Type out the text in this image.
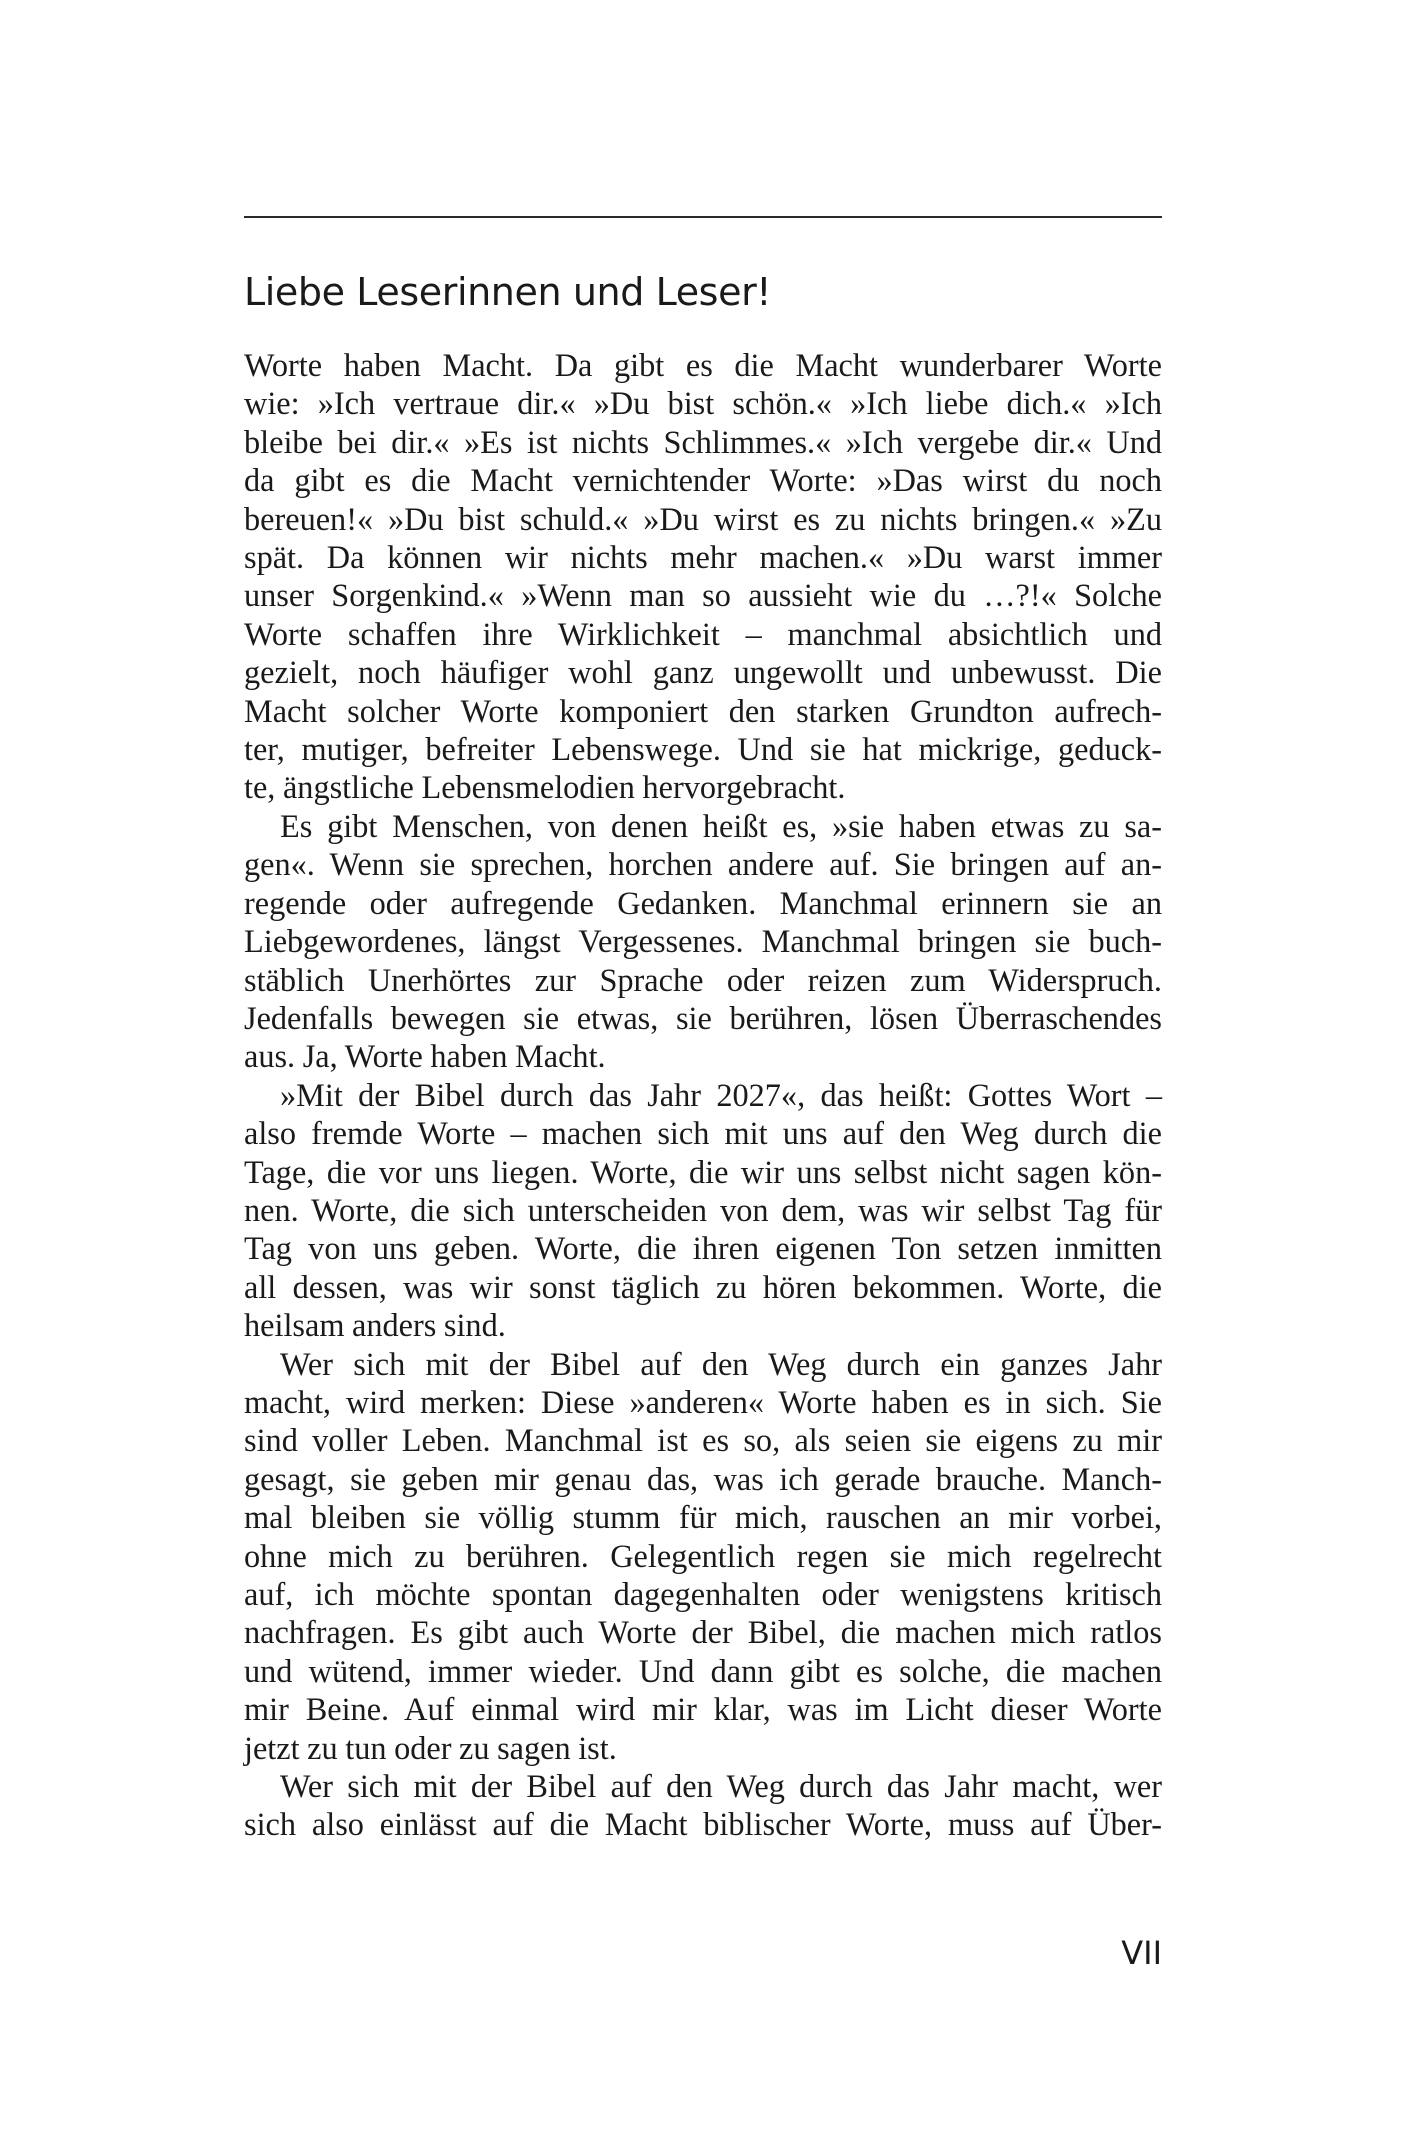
Liebe Leserinnen und Leser!

Worte haben Macht. Da gibt es die Macht wunderbarer Worte
wie: »Ich vertraue dir.« »Du bist schön.« »Ich liebe dich.« »Ich
bleibe bei dir.« »Es ist nichts Schlimmes.« »Ich vergebe dir.« Und
da gibt es die Macht vernichtender Worte: »Das wirst du noch
bereuen!« »Du bist schuld.« »Du wirst es zu nichts bringen.« »Zu
spät. Da können wir nichts mehr machen.« »Du warst immer
unser Sorgenkind.« »Wenn man so aussieht wie du …?!« Solche
Worte schaffen ihre Wirklichkeit – manchmal absichtlich und
gezielt, noch häufiger wohl ganz ungewollt und unbewusst. Die
Macht solcher Worte komponiert den starken Grundton aufrech-
ter, mutiger, befreiter Lebenswege. Und sie hat mickrige, geduck-
te, ängstliche Lebensmelodien hervorgebracht.

Es gibt Menschen, von denen heißt es, »sie haben etwas zu sa-
gen«. Wenn sie sprechen, horchen andere auf. Sie bringen auf an-
regende oder aufregende Gedanken. Manchmal erinnern sie an
Liebgewordenes, längst Vergessenes. Manchmal bringen sie buch-
stäblich Unerhörtes zur Sprache oder reizen zum Widerspruch.
Jedenfalls bewegen sie etwas, sie berühren, lösen Überraschendes
aus. Ja, Worte haben Macht.

»Mit der Bibel durch das Jahr 2027«, das heißt: Gottes Wort –
also fremde Worte – machen sich mit uns auf den Weg durch die
Tage, die vor uns liegen. Worte, die wir uns selbst nicht sagen kön-
nen. Worte, die sich unterscheiden von dem, was wir selbst Tag für
Tag von uns geben. Worte, die ihren eigenen Ton setzen inmitten
all dessen, was wir sonst täglich zu hören bekommen. Worte, die
heilsam anders sind.

Wer sich mit der Bibel auf den Weg durch ein ganzes Jahr
macht, wird merken: Diese »anderen« Worte haben es in sich. Sie
sind voller Leben. Manchmal ist es so, als seien sie eigens zu mir
gesagt, sie geben mir genau das, was ich gerade brauche. Manch-
mal bleiben sie völlig stumm für mich, rauschen an mir vorbei,
ohne mich zu berühren. Gelegentlich regen sie mich regelrecht
auf, ich möchte spontan dagegenhalten oder wenigstens kritisch
nachfragen. Es gibt auch Worte der Bibel, die machen mich ratlos
und wütend, immer wieder. Und dann gibt es solche, die machen
mir Beine. Auf einmal wird mir klar, was im Licht dieser Worte
jetzt zu tun oder zu sagen ist.

Wer sich mit der Bibel auf den Weg durch das Jahr macht, wer
sich also einlässt auf die Macht biblischer Worte, muss auf Über-

VII
